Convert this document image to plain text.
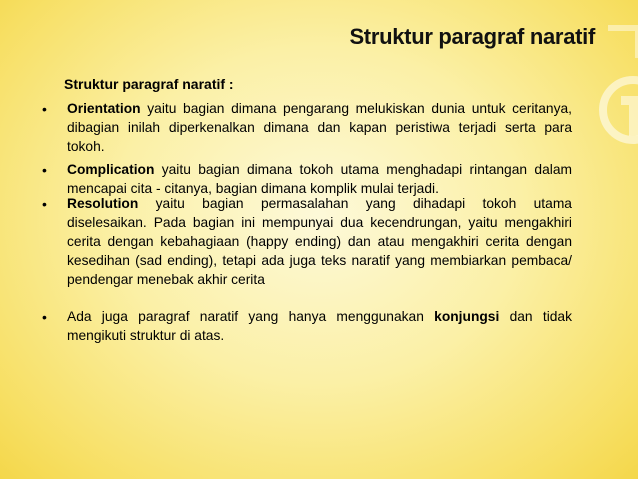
Struktur paragraf naratif

Struktur paragraf naratif :

• Orientation yaitu bagian dimana pengarang melukiskan dunia untuk ceritanya,
dibagian inilah diperkenalkan dimana dan kapan peristiwa terjadi serta para
tokoh.
• Complication yaitu bagian dimana tokoh utama menghadapi rintangan dalam
mencapai cita - citanya, bagian dimana komplik mulai terjadi.
• Resolution yaitu bagian permasalahan yang dihadapi tokoh utama
diselesaikan. Pada bagian ini mempunyai dua kecendrungan, yaitu mengakhiri
cerita dengan kebahagiaan (happy ending) dan atau mengakhiri cerita dengan
kesedihan (sad ending), tetapi ada juga teks naratif yang membiarkan pembaca/
pendengar menebak akhir cerita
• Ada juga paragraf naratif yang hanya menggunakan konjungsi dan tidak
mengikuti struktur di atas.
